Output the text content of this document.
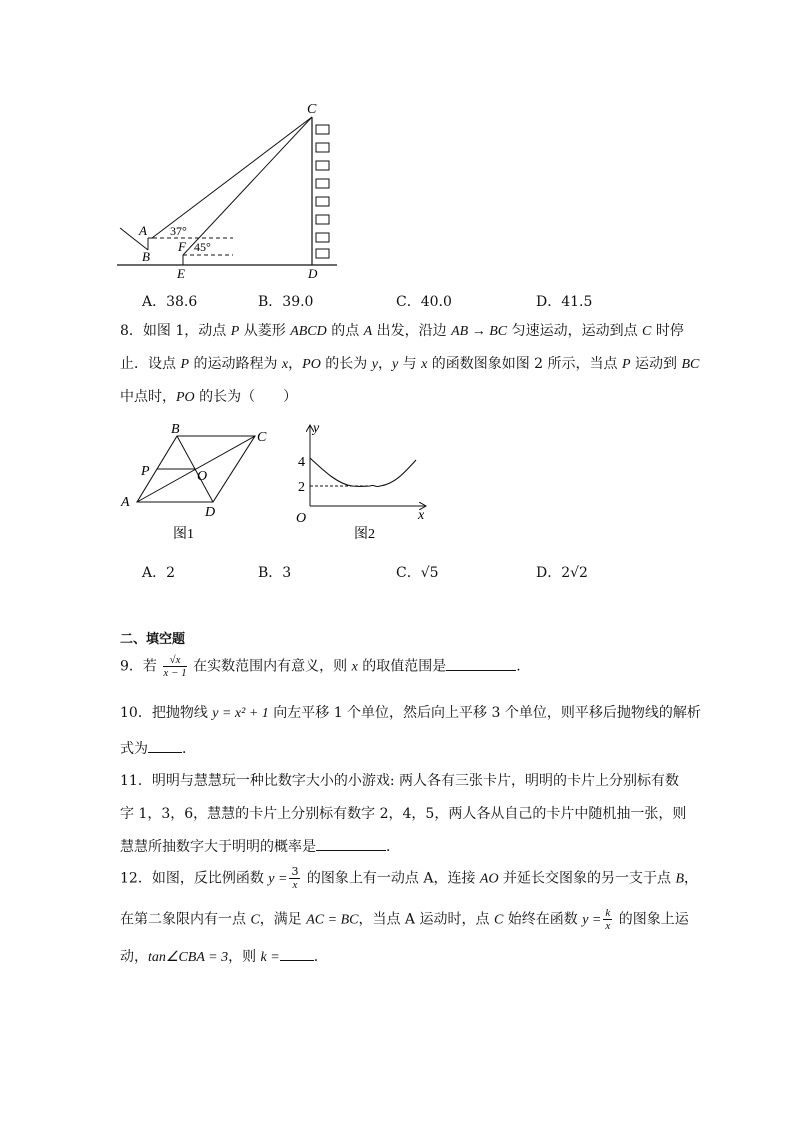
C
A
B
F
E	D
37°
45°
A．38.6	B．39.0	C．40.0	D．41.5
8．如图 1，动点 P 从菱形 ABCD 的点 A 出发，沿边 AB → BC 匀速运动，运动到点 C 时停
止．设点 P 的运动路程为 x，PO 的长为 y，y 与 x 的函数图象如图 2 所示，当点 P 运动到 BC
中点时，PO 的长为（　　）
B
C
P	O
A
D
图1
y
4
2
O	x
图2
A．2	B．3	C．√5	D．2√2
二、填空题
9．若 $\frac{√x}{x - 1}$ 在实数范围内有意义，则 x 的取值范围是	.
10．把抛物线 y = x² + 1 向左平移 1 个单位，然后向上平移 3 个单位，则平移后抛物线的解析
式为 ．
11．明明与慧慧玩一种比数字大小的小游戏: 两人各有三张卡片，明明的卡片上分别标有数
字 1，3，6，慧慧的卡片上分别标有数字 2，4，5，两人各从自己的卡片中随机抽一张，则
慧慧所抽数字大于明明的概率是	．
12．如图，反比例函数 $y = \frac{3}{x}$ 的图象上有一动点 A，连接 AO 并延长交图象的另一支于点 B，
在第二象限内有一点 C，满足 AC = BC，当点 A 运动时，点 C 始终在函数 $y = \frac{k}{x}$ 的图象上运
动，tan∠CBA = 3，则 k = ．
